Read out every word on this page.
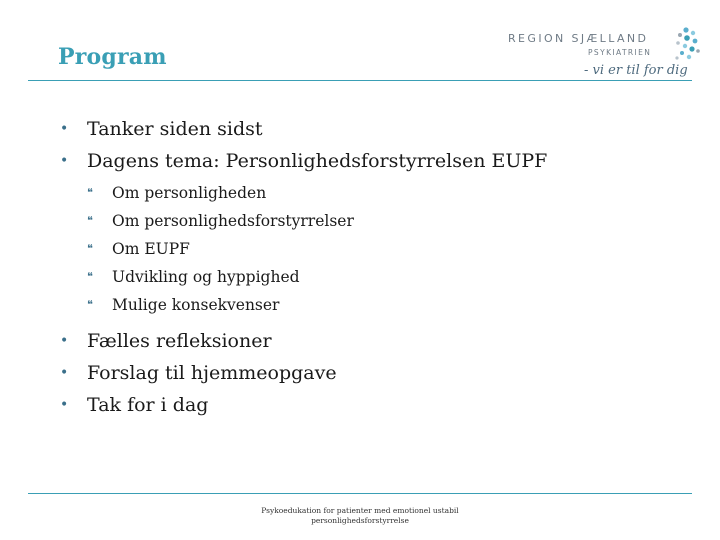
Program
REGION SJÆLLAND
PSYKIATRIEN
- vi er til for dig
• Tanker siden sidst
• Dagens tema: Personlighedsforstyrrelsen EUPF
❝ Om personligheden
❝ Om personlighedsforstyrrelser
❝ Om EUPF
❝ Udvikling og hyppighed
❝ Mulige konsekvenser
• Fælles refleksioner
• Forslag til hjemmeopgave
• Tak for i dag
Psykoedukation for patienter med emotionel ustabil
personlighedsforstyrrelse
